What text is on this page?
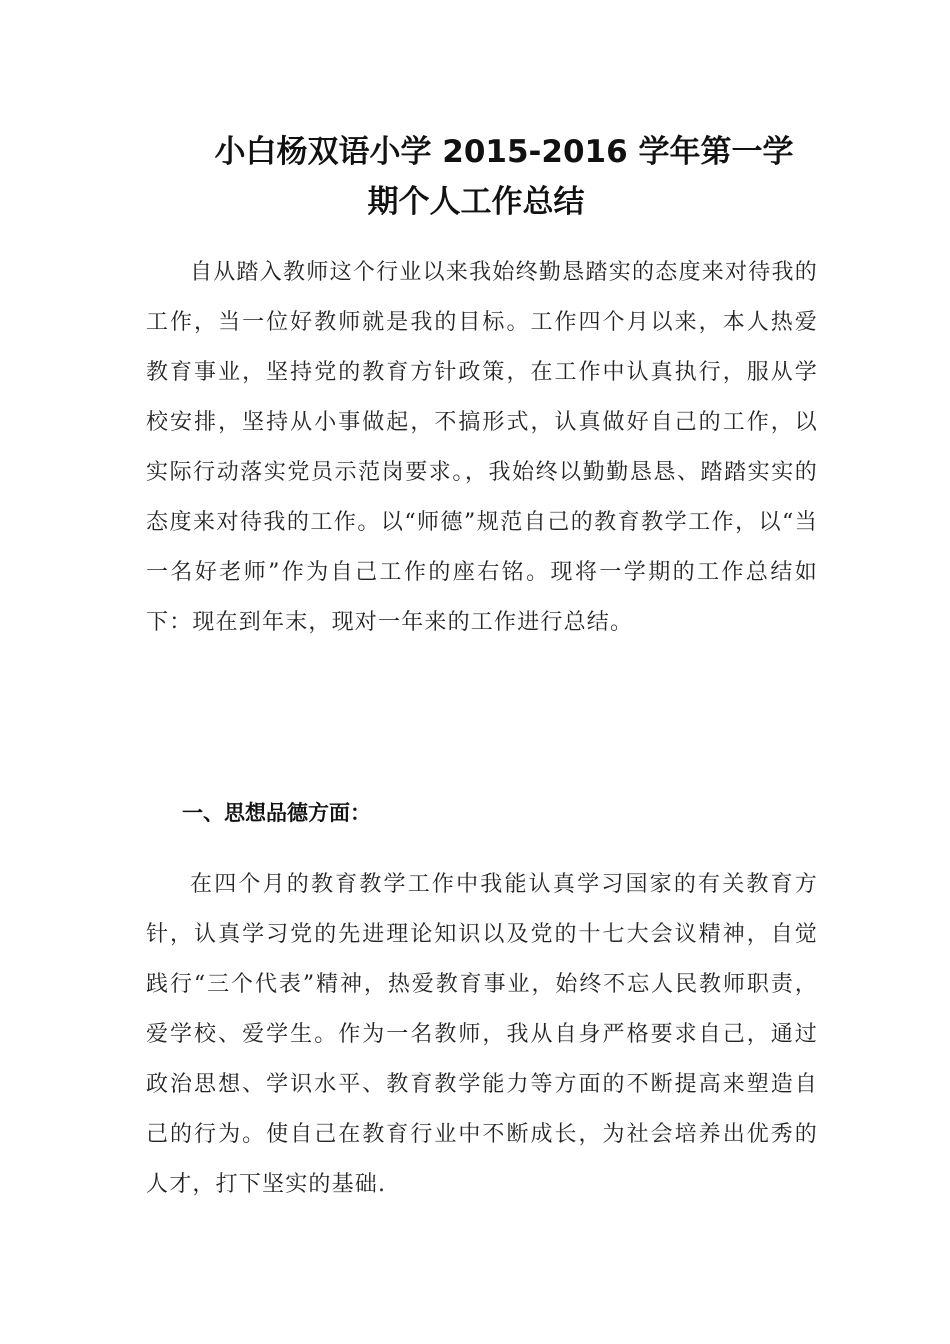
小白杨双语小学 2015-2016 学年第一学
期个人工作总结

自从踏入教师这个行业以来我始终勤恳踏实的态度来对待我的工作，当一位好教师就是我的目标。工作四个月以来，本人热爱教育事业，坚持党的教育方针政策，在工作中认真执行，服从学校安排，坚持从小事做起，不搞形式，认真做好自己的工作，以实际行动落实党员示范岗要求。，我始终以勤勤恳恳、踏踏实实的态度来对待我的工作。以“师德”规范自己的教育教学工作，以“当一名好老师”作为自己工作的座右铭。现将一学期的工作总结如下：现在到年末，现对一年来的工作进行总结。

一、思想品德方面：

在四个月的教育教学工作中我能认真学习国家的有关教育方针，认真学习党的先进理论知识以及党的十七大会议精神，自觉践行“三个代表”精神，热爱教育事业，始终不忘人民教师职责，爱学校、爱学生。作为一名教师，我从自身严格要求自己，通过政治思想、学识水平、教育教学能力等方面的不断提高来塑造自己的行为。使自己在教育行业中不断成长，为社会培养出优秀的人才，打下坚实的基础.
